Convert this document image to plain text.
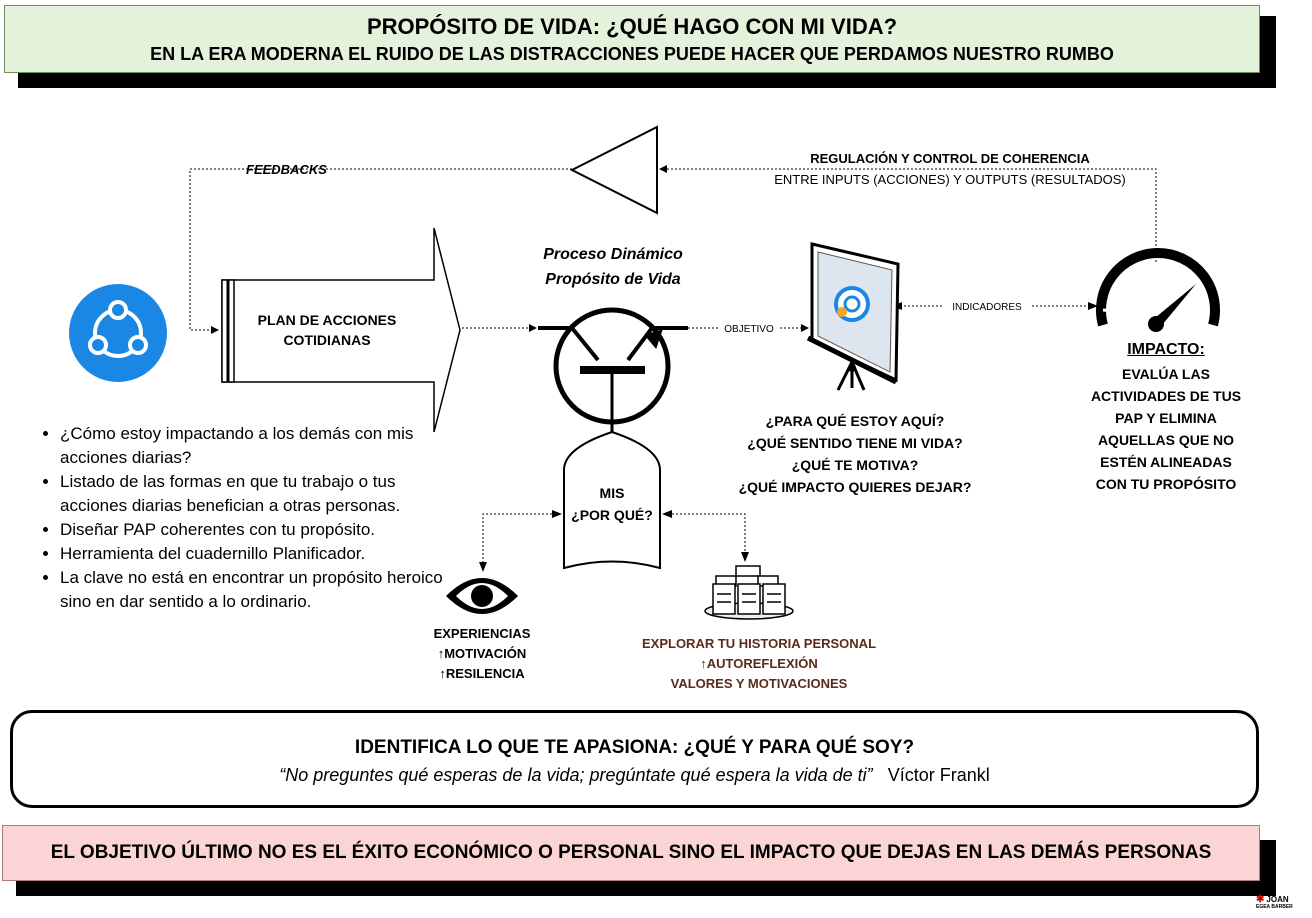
PROPÓSITO DE VIDA: ¿QUÉ HAGO CON MI VIDA?
EN LA ERA MODERNA EL RUIDO DE LAS DISTRACCIONES PUEDE HACER QUE PERDAMOS NUESTRO RUMBO
FEEDBACKS
OBJETIVO
INDICADORES
REGULACIÓN Y CONTROL DE COHERENCIA
ENTRE INPUTS (ACCIONES) Y OUTPUTS (RESULTADOS)
PLAN DE ACCIONES
COTIDIANAS
Proceso Dinámico
Propósito de Vida
MIS
¿POR QUÉ?
¿PARA QUÉ ESTOY AQUÍ?
¿QUÉ SENTIDO TIENE MI VIDA?
¿QUÉ TE MOTIVA?
¿QUÉ IMPACTO QUIERES DEJAR?
IMPACTO:
EVALÚA LAS
ACTIVIDADES DE TUS
PAP Y ELIMINA
AQUELLAS QUE NO
ESTÉN ALINEADAS
CON TU PROPÓSITO
EXPERIENCIAS
↑MOTIVACIÓN
↑RESILENCIA
EXPLORAR TU HISTORIA PERSONAL
↑AUTOREFLEXIÓN
VALORES Y MOTIVACIONES
• ¿Cómo estoy impactando a los demás con mis acciones diarias?
• Listado de las formas en que tu trabajo o tus acciones diarias benefician a otras personas.
• Diseñar PAP coherentes con tu propósito.
• Herramienta del cuadernillo Planificador.
• La clave no está en encontrar un propósito heroico sino en dar sentido a lo ordinario.
IDENTIFICA LO QUE TE APASIONA: ¿QUÉ Y PARA QUÉ SOY?
“No preguntes qué esperas de la vida; pregúntate qué espera la vida de ti” Víctor Frankl
EL OBJETIVO ÚLTIMO NO ES EL ÉXITO ECONÓMICO O PERSONAL SINO EL IMPACTO QUE DEJAS EN LAS DEMÁS PERSONAS
✱ JOAN
EGEA BARBER
